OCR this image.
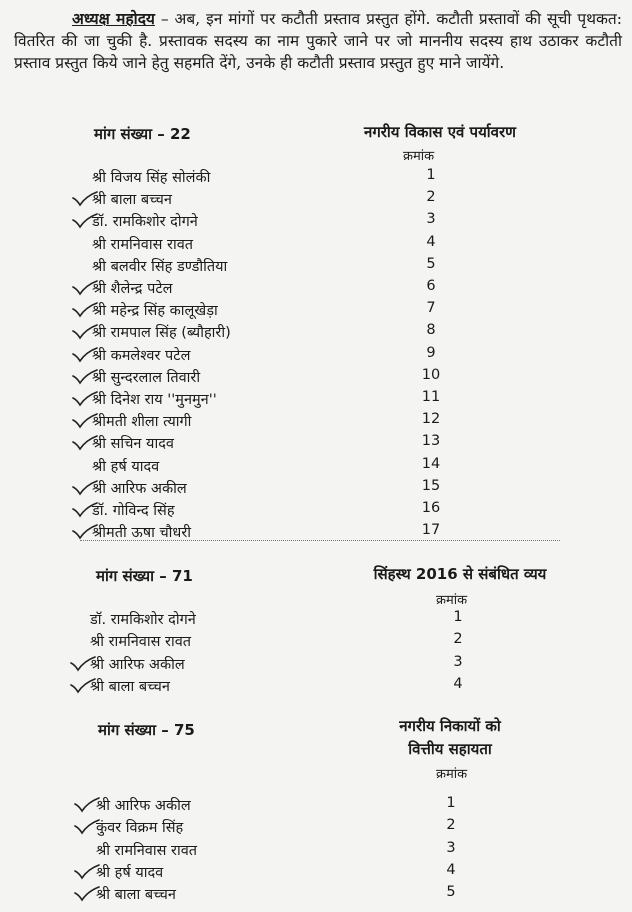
अध्यक्ष महोदय – अब, इन मांगों पर कटौती प्रस्ताव प्रस्तुत होंगे. कटौती प्रस्तावों की सूची पृथकत: वितरित की जा चुकी है. प्रस्तावक सदस्य का नाम पुकारे जाने पर जो माननीय सदस्य हाथ उठाकर कटौती प्रस्ताव प्रस्तुत किये जाने हेतु सहमति देंगे, उनके ही कटौती प्रस्ताव प्रस्तुत हुए माने जायेंगे.

मांग संख्या – 22	नगरीय विकास एवं पर्यावरण
क्रमांक
श्री विजय सिंह सोलंकी	1
श्री बाला बच्चन	2
डॉ. रामकिशोर दोगने	3
श्री रामनिवास रावत	4
श्री बलवीर सिंह डण्डौतिया	5
श्री शैलेन्द्र पटेल	6
श्री महेन्द्र सिंह कालूखेड़ा	7
श्री रामपाल सिंह (ब्यौहारी)	8
श्री कमलेश्वर पटेल	9
श्री सुन्दरलाल तिवारी	10
श्री दिनेश राय ''मुनमुन''	11
श्रीमती शीला त्यागी	12
श्री सचिन यादव	13
श्री हर्ष यादव	14
श्री आरिफ अकील	15
डॉ. गोविन्द सिंह	16
श्रीमती ऊषा चौधरी	17
मांग संख्या – 71	सिंहस्थ 2016 से संबंधित व्यय
क्रमांक
डॉ. रामकिशोर दोगने	1
श्री रामनिवास रावत	2
श्री आरिफ अकील	3
श्री बाला बच्चन	4
मांग संख्या – 75	नगरीय निकायों को
वित्तीय सहायता
क्रमांक
श्री आरिफ अकील	1
कुंवर विक्रम सिंह	2
श्री रामनिवास रावत	3
श्री हर्ष यादव	4
श्री बाला बच्चन	5
